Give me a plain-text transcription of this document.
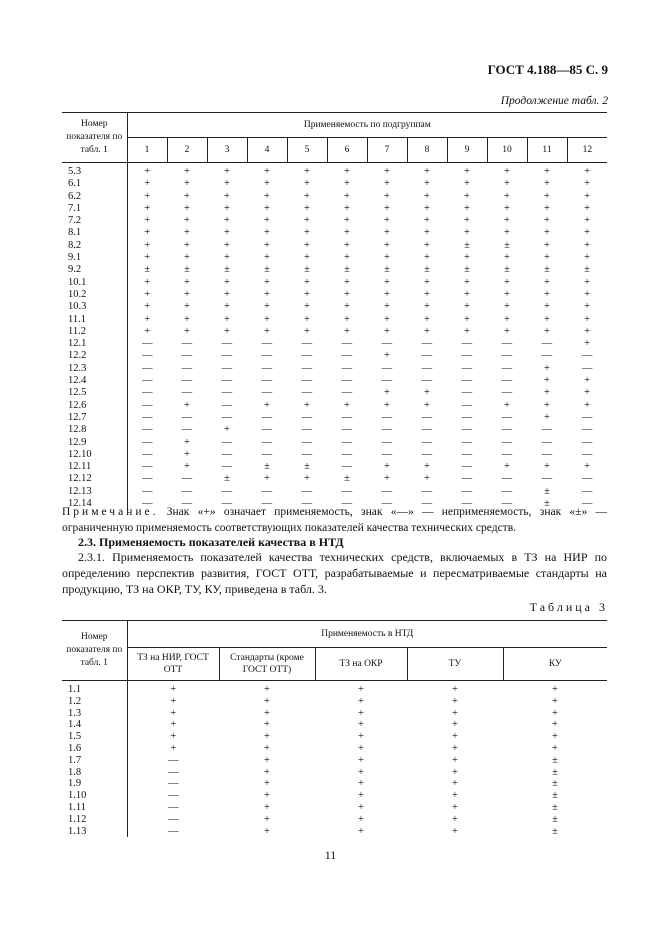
ГОСТ 4.188—85 С. 9
Продолжение табл. 2
Номер показателя по табл. 1	Применяемость по подгруппам											
	1	2	3	4	5	6	7	8	9	10	11	12
5.3	+	+	+	+	+	+	+	+	+	+	+	+
6.1	+	+	+	+	+	+	+	+	+	+	+	+
6.2	+	+	+	+	+	+	+	+	+	+	+	+
7.1	+	+	+	+	+	+	+	+	+	+	+	+
7.2	+	+	+	+	+	+	+	+	+	+	+	+
8.1	+	+	+	+	+	+	+	+	+	+	+	+
8.2	+	+	+	+	+	+	+	+	±	±	+	+
9.1	+	+	+	+	+	+	+	+	+	+	+	+
9.2	±	±	±	±	±	±	±	±	±	±	±	±
10.1	+	+	+	+	+	+	+	+	+	+	+	+
10.2	+	+	+	+	+	+	+	+	+	+	+	+
10.3	+	+	+	+	+	+	+	+	+	+	+	+
11.1	+	+	+	+	+	+	+	+	+	+	+	+
11.2	+	+	+	+	+	+	+	+	+	+	+	+
12.1	—	—	—	—	—	—	—	—	—	—	—	+
12.2	—	—	—	—	—	—	+	—	—	—	—	—
12.3	—	—	—	—	—	—	—	—	—	—	+	—
12.4	—	—	—	—	—	—	—	—	—	—	+	+
12.5	—	—	—	—	—	—	+	+	—	—	+	+
12.6	—	+	—	+	+	+	+	+	—	+	+	+
12.7	—	—	—	—	—	—	—	—	—	—	+	—
12.8	—	—	+	—	—	—	—	—	—	—	—	—
12.9	—	+	—	—	—	—	—	—	—	—	—	—
12.10	—	+	—	—	—	—	—	—	—	—	—	—
12.11	—	+	—	±	±	—	+	+	—	+	+	+
12.12	—	—	±	+	+	±	+	+	—	—	—	—
12.13	—	—	—	—	—	—	—	—	—	—	±	—
12.14	—	—	—	—	—	—	—	—	—	—	±	—
Примечание. Знак «+» означает применяемость, знак «—» — неприменяемость, знак «±» — ограниченную применяемость соответствующих показателей качества технических средств.
2.3. Применяемость показателей качества в НТД
2.3.1. Применяемость показателей качества технических средств, включаемых в ТЗ на НИР по определению перспектив развития, ГОСТ ОТТ, разрабатываемые и пересматриваемые стандарты на продукцию, ТЗ на ОКР, ТУ, КУ, приведена в табл. 3.
Таблица 3
Номер показателя по табл. 1	Применяемость в НТД				
	ТЗ на НИР, ГОСТ ОТТ	Стандарты (кроме ГОСТ ОТТ)	ТЗ на ОКР	ТУ	КУ
1.1	+	+	+	+	+
1.2	+	+	+	+	+
1.3	+	+	+	+	+
1.4	+	+	+	+	+
1.5	+	+	+	+	+
1.6	+	+	+	+	+
1.7	—	+	+	+	±
1.8	—	+	+	+	±
1.9	—	+	+	+	±
1.10	—	+	+	+	±
1.11	—	+	+	+	±
1.12	—	+	+	+	±
1.13	—	+	+	+	±
11
